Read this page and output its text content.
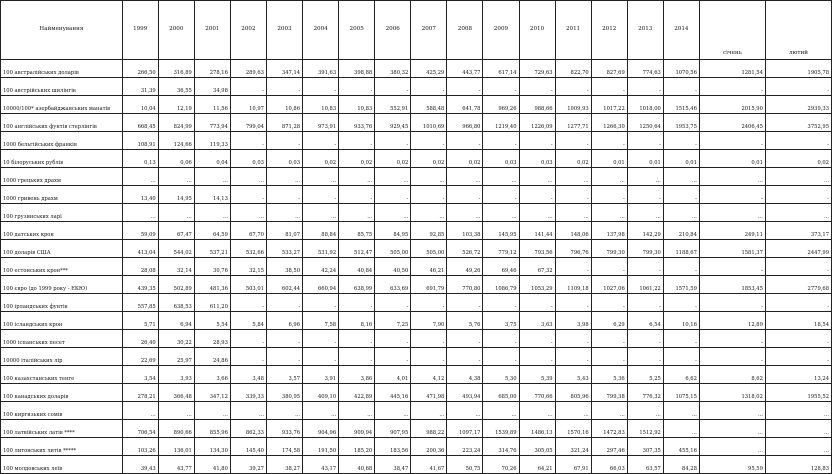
Найменування	1999	2000	2001	2002	2003	2004	2005	2006	2007	2008	2009	2010	2011	2012	2013	2014	січень	лютий
100 австралійських доларів	266,50	316,89	278,16	289,63	347,14	391,63	398,88	380,32	425,29	443,77	617,14	729,63	822,70	827,69	774,63	1070,56	1281,54	1905,78
100 австрійських шилінгів	31,39	36,55	34,98	-	-	-	-	-	-	-	-	-	-	-	-	-	-	-
10000/100* азербайджанських манатів	10,04	12,19	11,56	10,97	10,86	10,83	10,83	552,91	588,48	641,78	969,26	988,66	1009,93	1017,22	1018,00	1515,46	2015,90	2939,33
100 англійських фунтів стерлінгів	668,45	824,99	773,94	799,04	871,28	973,91	933,76	929,45	1010,69	966,80	1219,40	1226,09	1277,71	1266,30	1250,64	1953,75	2406,45	3752,95
1000 бельгійських франків	108,91	124,66	119,33	-	-	-	-	-	-	-	-	-	-	-	-	-	-	-
10 білоруських рублів	0,13	0,06	0,04	0,03	0,03	0,02	0,02	0,02	0,02	0,02	0,03	0,03	0,02	0,01	0,01	0,01	0,01	0,02
1000 грецьких драхм	...	...	...	...	...	...	...	...	...	...	...	...	...	...	...	...	...	...
1000 гривень драхм	13,40	14,95	14,13	-	-	-	-	-	-	-	-	-	-	-	-	-	-	-
100 грузинських ларі	...	...	...	...	...	...	...	...	...	...	...	...	...	...	...	...	...	...
100 датських крон	59,09	67,47	64,59	67,70	81,07	88,84	85,75	84,95	92,85	103,38	145,95	141,44	148,06	137,98	142,29	210,84	249,11	373,17
100 доларів США	413,04	544,02	537,21	532,66	533,27	531,92	512,47	505,00	505,00	526,72	779,12	793,56	796,76	799,30	799,30	1188,67	1581,37	2447,99
100 естонських крон***	28,08	32,14	30,76	32,15	38,50	42,24	40,84	40,50	46,21	49,26	69,46	67,32	-	-	-	-	-	-
100 євро (до 1999 року - ЕКЮ)	439,35	502,89	481,36	503,01	602,44	660,94	638,99	633,69	691,79	770,80	1086,79	1053,29	1109,18	1027,06	1061,22	1571,59	1853,45	2779,68
100 ірландських фунтів	557,85	638,53	611,20	-	-	-	-	-	-	-	-	-	-	-	-	-	-	-
100 ісландських крон	5,71	6,94	5,54	5,84	6,96	7,58	8,16	7,25	7,90	5,76	3,75	3,63	3,98	6,29	6,54	10,16	12,89	18,54
1000 іспанських песет	26,40	30,22	28,93	-	-	-	-	-	-	-	-	-	-	-	-	-	-	-
10000 італійських лір	22,69	25,97	24,86	-	-	-	-	-	-	-	-	-	-	-	-	-	-	-
100 казахстанських тенге	3,54	3,93	3,66	3,48	3,57	3,91	3,86	4,01	4,12	4,38	5,30	5,39	5,43	5,36	5,25	6,62	8,62	13,24
100 канадських доларів	278,21	366,48	347,12	339,33	380,95	409,10	422,89	445,16	471,98	493,94	685,00	770,66	805,96	799,38	776,32	1075,15	1318,02	1955,52
100 киргизьких сомів	...	...	...	...	...	...	...	...	...	...	...	...	...	...	...	...	...	...
100 латвійських латів ****	706,54	890,66	855,96	862,33	933,76	904,96	909,94	907,95	988,22	1097,17	1539,89	1486,13	1570,16	1472,83	1512,92	...	...	...
100 литовських литів *****	103,26	136,01	134,30	145,40	174,58	191,50	185,20	183,56	200,36	223,24	314,76	305,05	321,24	297,46	307,35	455,16	...	...
100 молдовських леїв	39,43	43,77	41,80	39,27	38,27	43,17	40,68	38,47	41,67	50,75	70,26	64,21	67,91	66,03	63,57	84,28	95,59	128,83
